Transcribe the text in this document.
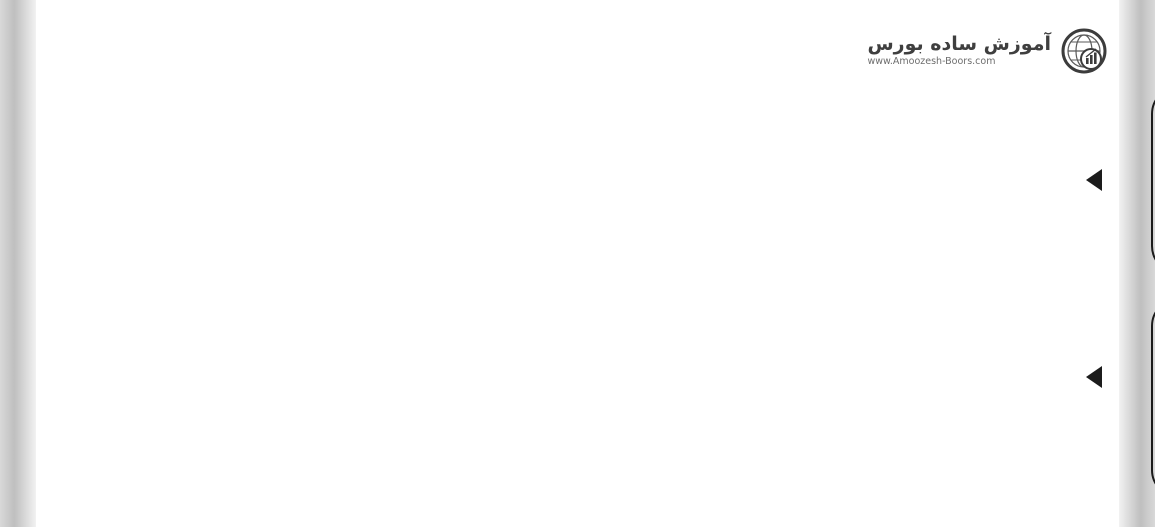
آموزش ساده بورس
www.Amoozesh-Boors.com
